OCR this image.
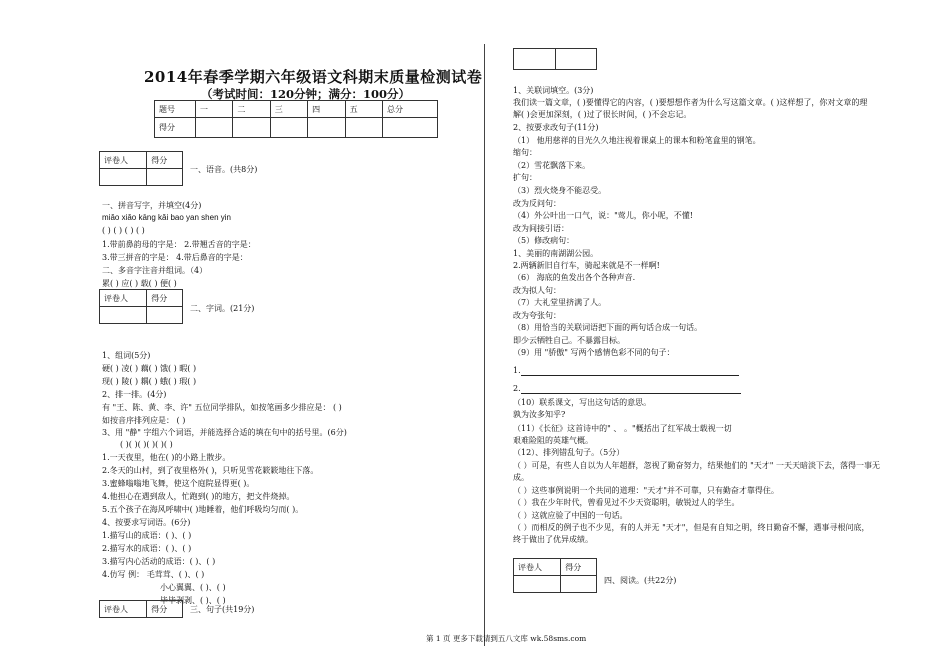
2014年春季学期六年级语文科期末质量检测试卷
（考试时间：120分钟；满分：100分）
题号	一	二	三	四	五	总分
得分						
评卷人	得分

一、语音。(共8分)
一、拼音写字，并填空(4分)
miǎo xiǎo kāng kǎi bao yan shen yin
( ) ( ) ( ) ( )
1.带前鼻韵母的字是： 2.带翘舌音的字是：
3.带三拼音的字是： 4.带后鼻音的字是：
二、多音字注音并组词。（4）
累( ) 应( ) 载( ) 便( )
评卷人	得分

二、字词。(21分)
1、组词(5分)
硬( ) 凌( ) 藕( ) 饿( ) 暇( )
现( ) 陵( ) 耦( ) 蛾( ) 瑕( )
2、排一排。(4分)
有 "王、陈、黄、李、许" 五位同学排队，如按笔画多少排应是： ( )
如按音序排列应是： ( )
3、用 "静" 字组六个词语，并能选择合适的填在句中的括号里。(6分)
( )( )( )( )( )( )
1.一天夜里，他在( )的小路上散步。
2.冬天的山村，到了夜里格外( )，只听见雪花簌簌地往下落。
3.蜜蜂嗡嗡地飞舞，使这个庭院显得更( )。
4.他担心在遇到敌人，忙跑到( )的地方，把文件烧掉。
5.五个孩子在海风呼啸中( )地睡着，他们呼吸均匀而( )。
4、按要求写词语。(6分)
1.描写山的成语：( )、( )
2.描写水的成语：( )、( )
3.描写内心活动的成语：( )、( )
4.仿写 例： 毛茸茸、( )、( )
小心翼翼、( )、( )
毕毕剥剥、( )、( )
评卷人	得分	三、句子(共19分)

1、关联词填空。(3分)
我们读一篇文章，( )要懂得它的内容，( )要想想作者为什么写这篇文章。( )这样想了，你对文章的理
解( )会更加深刻，( )过了很长时间，( )不会忘记。
2、按要求改句子(11分)
（1） 他用慈祥的目光久久地注视着课桌上的课本和粉笔盒里的钢笔。
缩句：
（2）雪花飘落下来。
扩句：
（3）烈火烧身不能忍受。
改为反问句：
（4）外公叶出一口气，说："莺儿，你小呢，不懂!
改为间接引语：
（5）修改病句：
1、美丽的南湖湖公园。
2.两辆新旧自行车，骑起来就是不一样啊!
（6） 海底的鱼发出各个各种声音.
改为拟人句：
（7）大礼堂里挤满了人。
改为夸张句：
（8）用恰当的关联词语把下面的两句话合成一句话。
即少云牺牲自己。不暴露目标。
（9）用 "骄傲" 写两个感情色彩不同的句子：
1.
2.
（10）联系课文，写出这句话的意思。
孰为汝多知乎?
（11）《长征》这首诗中的" 、 。"概括出了红军战士载视一切
艰难险阻的英雄气概。
（12）、排列错乱句子。（5分）
（ ）可是，有些人自以为人年超群，忽视了勤奋努力，结果他们的 "天才" 一天天暗淡下去，落得一事无
成。
（ ）这些事例说明一个共同的道理："天才"并不可靠，只有勤奋才靠得住。
（ ）我在少年时代，曾看见过不少天资聪明，敏锐过人的学生。
（ ）这就应验了中国的一句话。
（ ）而相反的例子也不少见，有的人并无 "天才"，但是有自知之明，终日勤奋不懈，遇事寻根问底，
终于做出了优异成绩。
评卷人	得分

四、阅读。(共22分)
第 1 页 更多下载请到五八文库 wk.58sms.com
